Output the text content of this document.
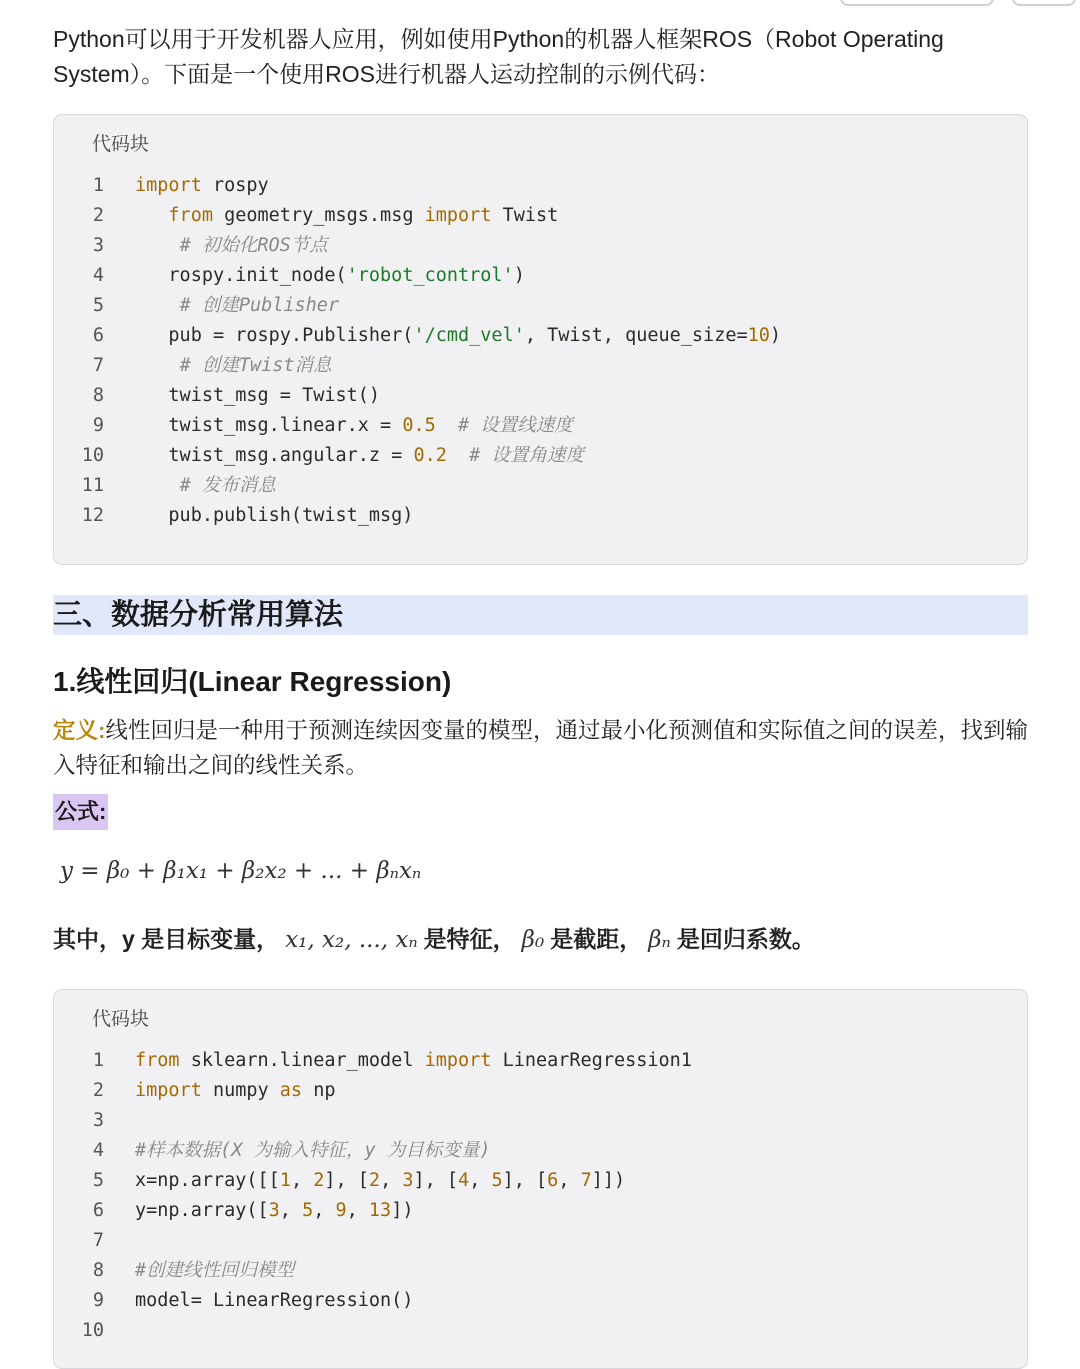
Python可以用于开发机器人应用，例如使用Python的机器人框架ROS（Robot Operating
System）。下面是一个使用ROS进行机器人运动控制的示例代码：
代码块
1 import rospy
2	from geometry_msgs.msg import Twist
3	# 初始化ROS节点
4 rospy.init_node('robot_control')
5	# 创建Publisher
6 pub = rospy.Publisher('/cmd_vel', Twist, queue_size=10)
7	# 创建Twist消息
8 twist_msg = Twist()
9 twist_msg.linear.x = 0.5 # 设置线速度
10 twist_msg.angular.z = 0.2 # 设置角速度
11	# 发布消息
12 pub.publish(twist_msg)
三、数据分析常用算法
1.线性回归(Linear Regression)
定义:线性回归是一种用于预测连续因变量的模型，通过最小化预测值和实际值之间的误差，找到输入特征和输出之间的线性关系。
公式:
y = β₀ + β₁x₁ + β₂x₂ + ... + βₙxₙ
其中，y 是目标变量， x₁, x₂, ..., xₙ 是特征， β₀ 是截距， βₙ 是回归系数。
代码块
1 from sklearn.linear_model import LinearRegression1
2 import numpy as np
3
4 #样本数据(X 为输入特征，y 为目标变量)
5 x=np.array([[1, 2], [2, 3], [4, 5], [6, 7]])
6 y=np.array([3, 5, 9, 13])
7
8 #创建线性回归模型
9 model= LinearRegression()
10
